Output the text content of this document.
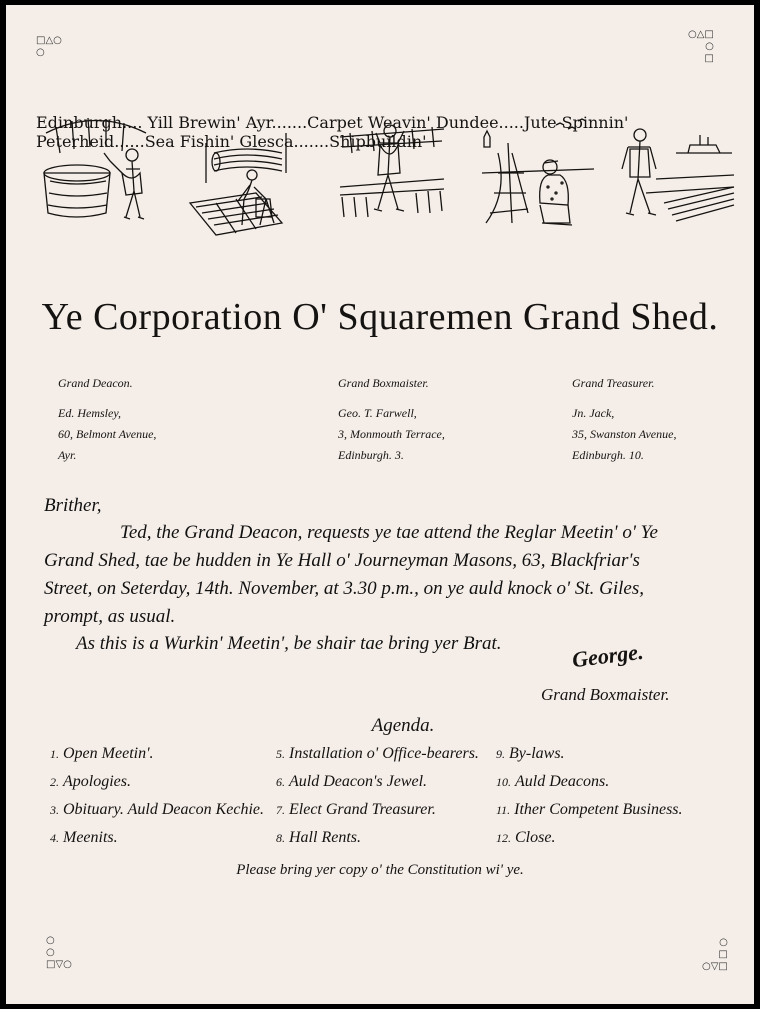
□△○
○
○△□
○
□
○
○
□▽○
○
□
○▽□
Edinburgh.... Yill Brewin' Ayr.......Carpet Weavin' Dundee.....Jute Spinnin' Peterheid......Sea Fishin' Glesca.......Shipbuildin'
Ye Corporation O' Squaremen Grand Shed.
Grand Deacon.
Ed. Hemsley,
60, Belmont Avenue,
Ayr.
Grand Boxmaister.
Geo. T. Farwell,
3, Monmouth Terrace,
Edinburgh. 3.
Grand Treasurer.
Jn. Jack,
35, Swanston Avenue,
Edinburgh. 10.
Brither,
Ted, the Grand Deacon, requests ye tae attend the Reglar Meetin' o' Ye
Grand Shed, tae be hudden in Ye Hall o' Journeyman Masons, 63, Blackfriar's
Street, on Seterday, 14th. November, at 3.30 p.m., on ye auld knock o' St. Giles,
prompt, as usual.
As this is a Wurkin' Meetin', be shair tae bring yer Brat.	George.
Grand Boxmaister.
Agenda.
1. Open Meetin'.
2. Apologies.
3. Obituary. Auld Deacon Kechie.
4. Meenits.
5. Installation o' Office-bearers.
6. Auld Deacon's Jewel.
7. Elect Grand Treasurer.
8. Hall Rents.
9. By-laws.
10. Auld Deacons.
11. Ither Competent Business.
12. Close.
Please bring yer copy o' the Constitution wi' ye.
